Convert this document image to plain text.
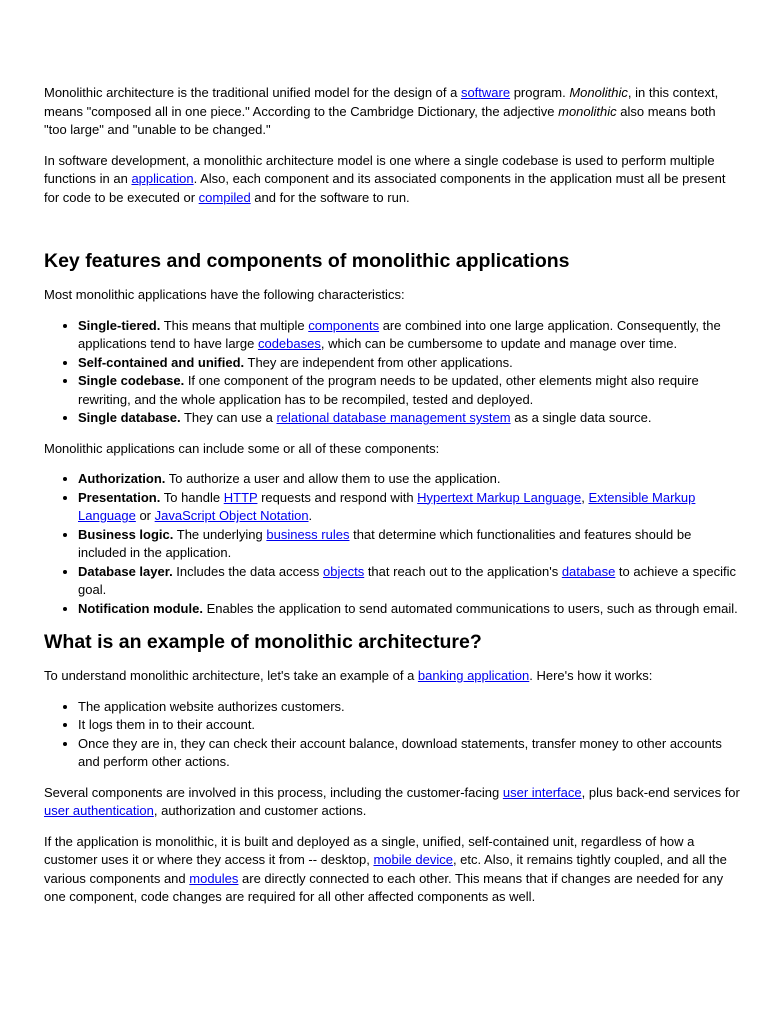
Monolithic architecture is the traditional unified model for the design of a software program. Monolithic, in this context, means "composed all in one piece." According to the Cambridge Dictionary, the adjective monolithic also means both "too large" and "unable to be changed."

In software development, a monolithic architecture model is one where a single codebase is used to perform multiple functions in an application. Also, each component and its associated components in the application must all be present for code to be executed or compiled and for the software to run.

Key features and components of monolithic applications

Most monolithic applications have the following characteristics:

• Single-tiered. This means that multiple components are combined into one large application. Consequently, the applications tend to have large codebases, which can be cumbersome to update and manage over time.
• Self-contained and unified. They are independent from other applications.
• Single codebase. If one component of the program needs to be updated, other elements might also require rewriting, and the whole application has to be recompiled, tested and deployed.
• Single database. They can use a relational database management system as a single data source.

Monolithic applications can include some or all of these components:

• Authorization. To authorize a user and allow them to use the application.
• Presentation. To handle HTTP requests and respond with Hypertext Markup Language, Extensible Markup Language or JavaScript Object Notation.
• Business logic. The underlying business rules that determine which functionalities and features should be included in the application.
• Database layer. Includes the data access objects that reach out to the application's database to achieve a specific goal.
• Notification module. Enables the application to send automated communications to users, such as through email.
What is an example of monolithic architecture?

To understand monolithic architecture, let's take an example of a banking application. Here's how it works:

• The application website authorizes customers.
• It logs them in to their account.
• Once they are in, they can check their account balance, download statements, transfer money to other accounts and perform other actions.

Several components are involved in this process, including the customer-facing user interface, plus back-end services for user authentication, authorization and customer actions.

If the application is monolithic, it is built and deployed as a single, unified, self-contained unit, regardless of how a customer uses it or where they access it from -- desktop, mobile device, etc. Also, it remains tightly coupled, and all the various components and modules are directly connected to each other. This means that if changes are needed for any one component, code changes are required for all other affected components as well.
